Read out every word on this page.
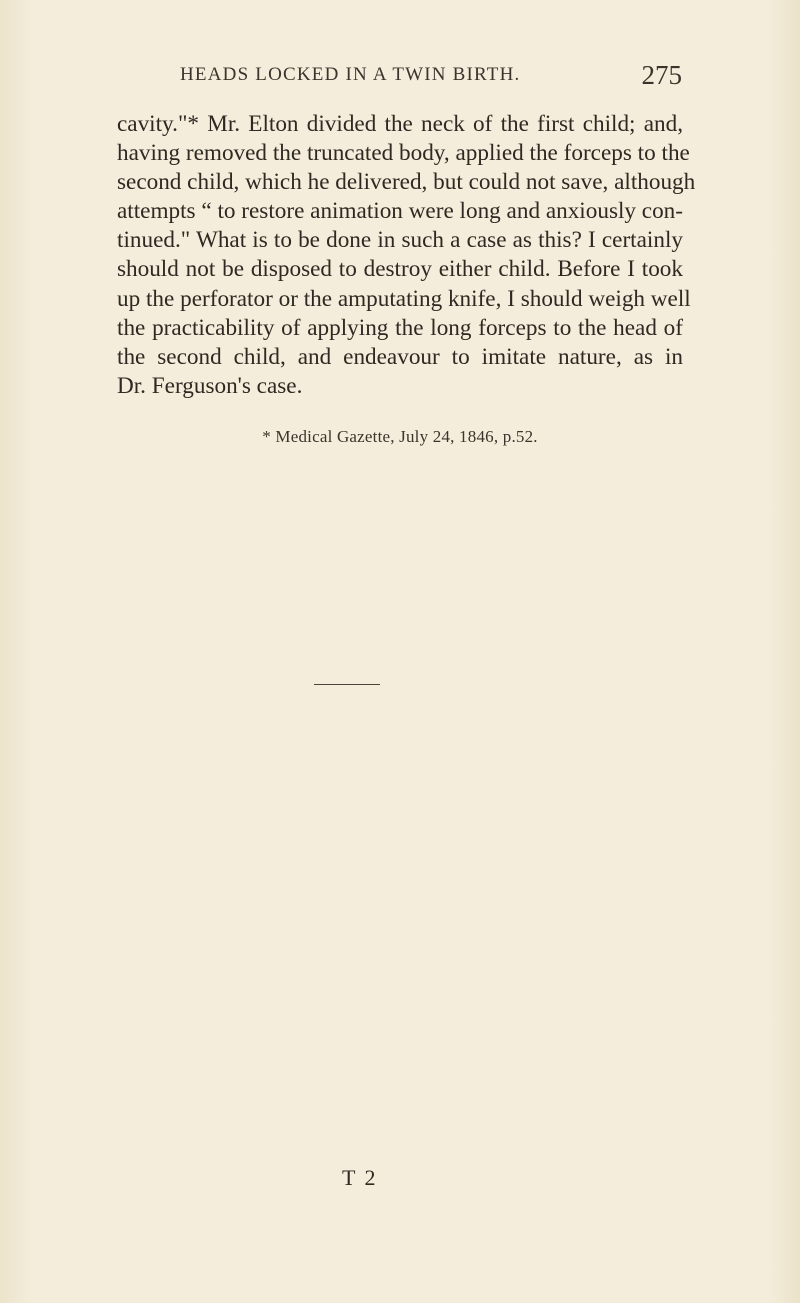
HEADS LOCKED IN A TWIN BIRTH.	275
cavity."* Mr. Elton divided the neck of the first child; and,
having removed the truncated body, applied the forceps to the
second child, which he delivered, but could not save, although
attempts “ to restore animation were long and anxiously con-
tinued." What is to be done in such a case as this? I certainly
should not be disposed to destroy either child. Before I took
up the perforator or the amputating knife, I should weigh well
the practicability of applying the long forceps to the head of
the second child, and endeavour to imitate nature, as in
Dr. Ferguson's case.
* Medical Gazette, July 24, 1846, p.52.
T 2
